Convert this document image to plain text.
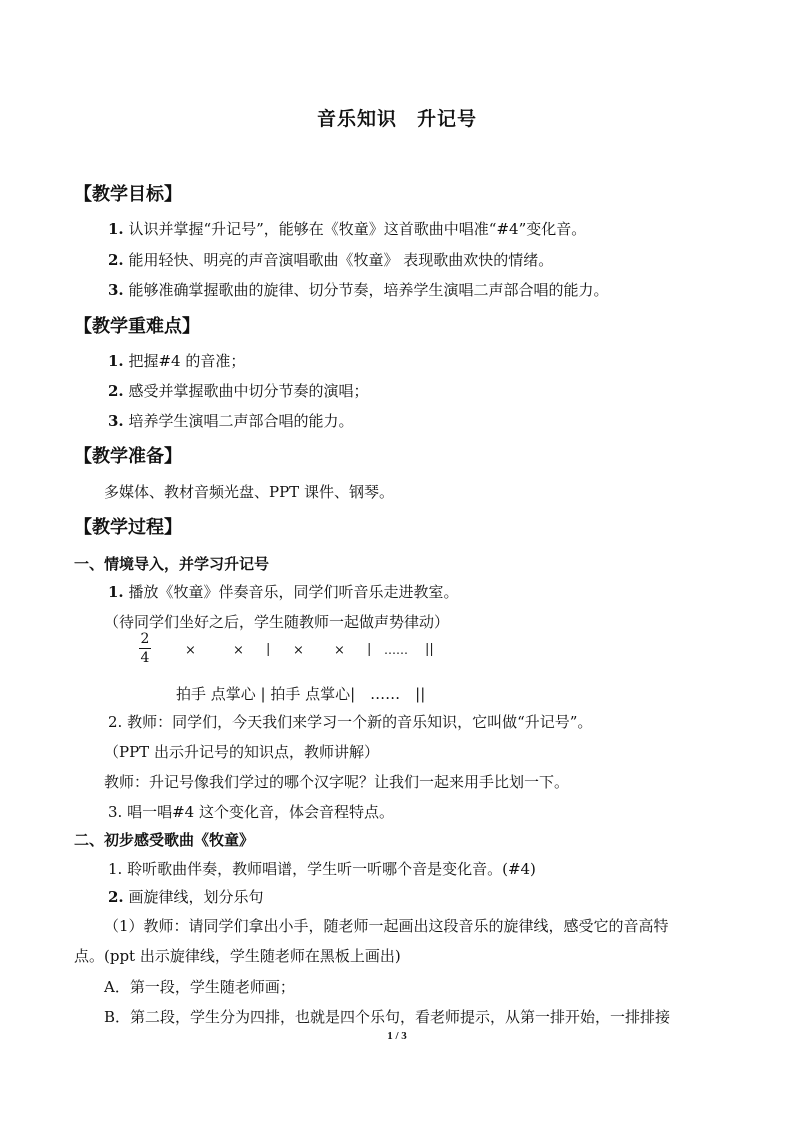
音乐知识　升记号
【教学目标】
1. 认识并掌握“升记号”，能够在《牧童》这首歌曲中唱准“#4”变化音。
2. 能用轻快、明亮的声音演唱歌曲《牧童》 表现歌曲欢快的情绪。
3. 能够准确掌握歌曲的旋律、切分节奏，培养学生演唱二声部合唱的能力。
【教学重难点】
1. 把握#4 的音准；
2. 感受并掌握歌曲中切分节奏的演唱；
3. 培养学生演唱二声部合唱的能力。
【教学准备】
多媒体、教材音频光盘、PPT 课件、钢琴。
【教学过程】
一、情境导入，并学习升记号
1. 播放《牧童》伴奏音乐，同学们听音乐走进教室。
（待同学们坐好之后，学生随教师一起做声势律动）
2
4	×	× | × × | …… ||
拍手 点掌心 | 拍手 点掌心|　……　||
2. 教师：同学们，今天我们来学习一个新的音乐知识，它叫做“升记号”。
（PPT 出示升记号的知识点，教师讲解）
教师：升记号像我们学过的哪个汉字呢？让我们一起来用手比划一下。
3. 唱一唱#4 这个变化音，体会音程特点。
二、初步感受歌曲《牧童》
1. 聆听歌曲伴奏，教师唱谱，学生听一听哪个音是变化音。(#4)
2. 画旋律线，划分乐句
（1）教师：请同学们拿出小手，随老师一起画出这段音乐的旋律线，感受它的音高特
点。(ppt 出示旋律线，学生随老师在黑板上画出)
A．第一段，学生随老师画；
B．第二段，学生分为四排，也就是四个乐句，看老师提示，从第一排开始，一排排接
1 / 3
